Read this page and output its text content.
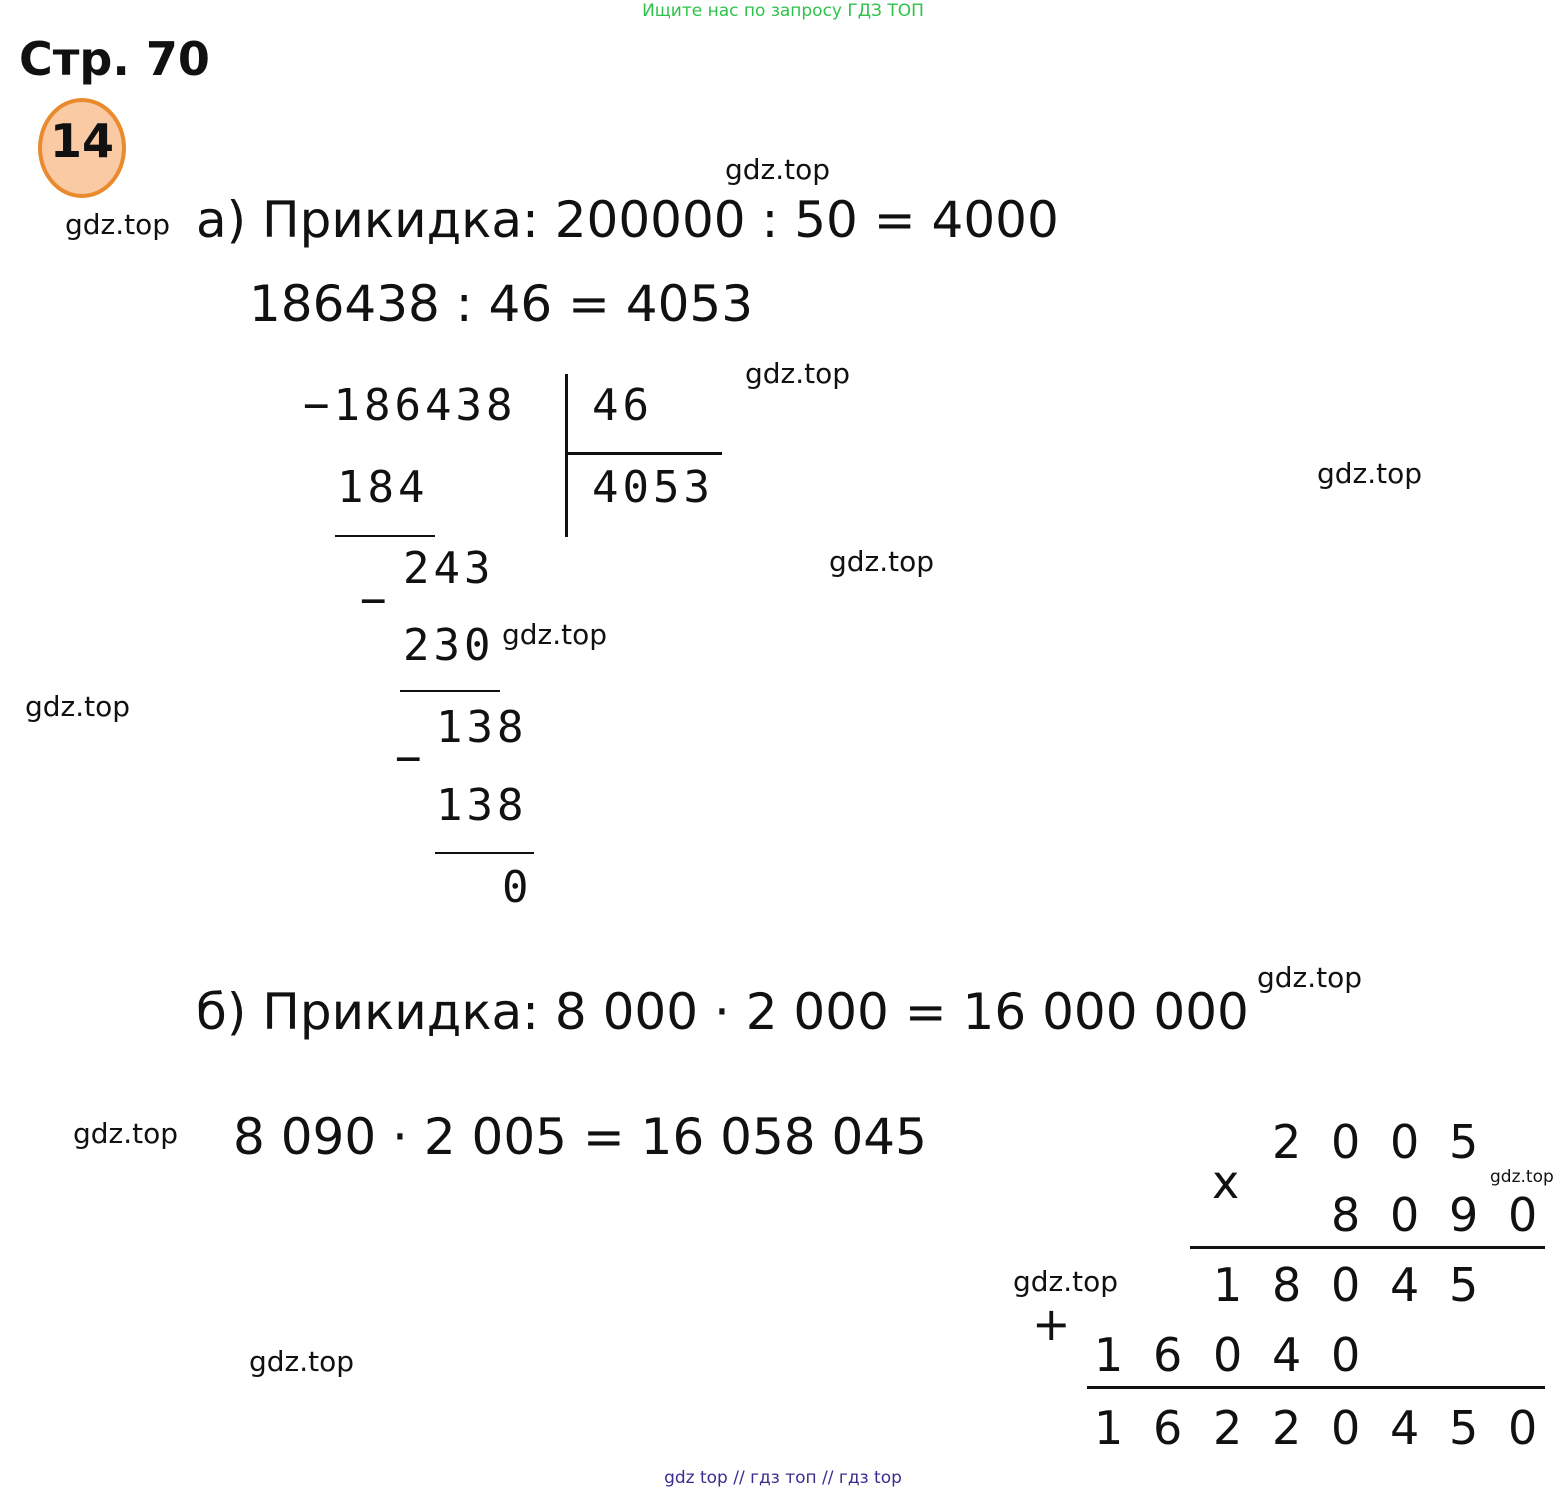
Ищите нас по запросу ГДЗ ТОП
Стр. 70
14
gdz.top
gdz.top
gdz.top
gdz.top
gdz.top
gdz.top
gdz.top
gdz.top
gdz.top
gdz.top
gdz.top
gdz.top
а) Прикидка: 200000 : 50 = 4000
186438 : 46 = 4053
−186438 46
4053
184
243
−
230
138
−
138
0
б) Прикидка: 8 000 · 2 000 = 16 000 000
8 090 · 2 005 = 16 058 045
x
2 0 0 5
8 0 9 0
1 8 0 4 5
+
1 6 0 4 0
1 6 2 2 0 4 5 0
gdz top // гдз топ // гдз top
